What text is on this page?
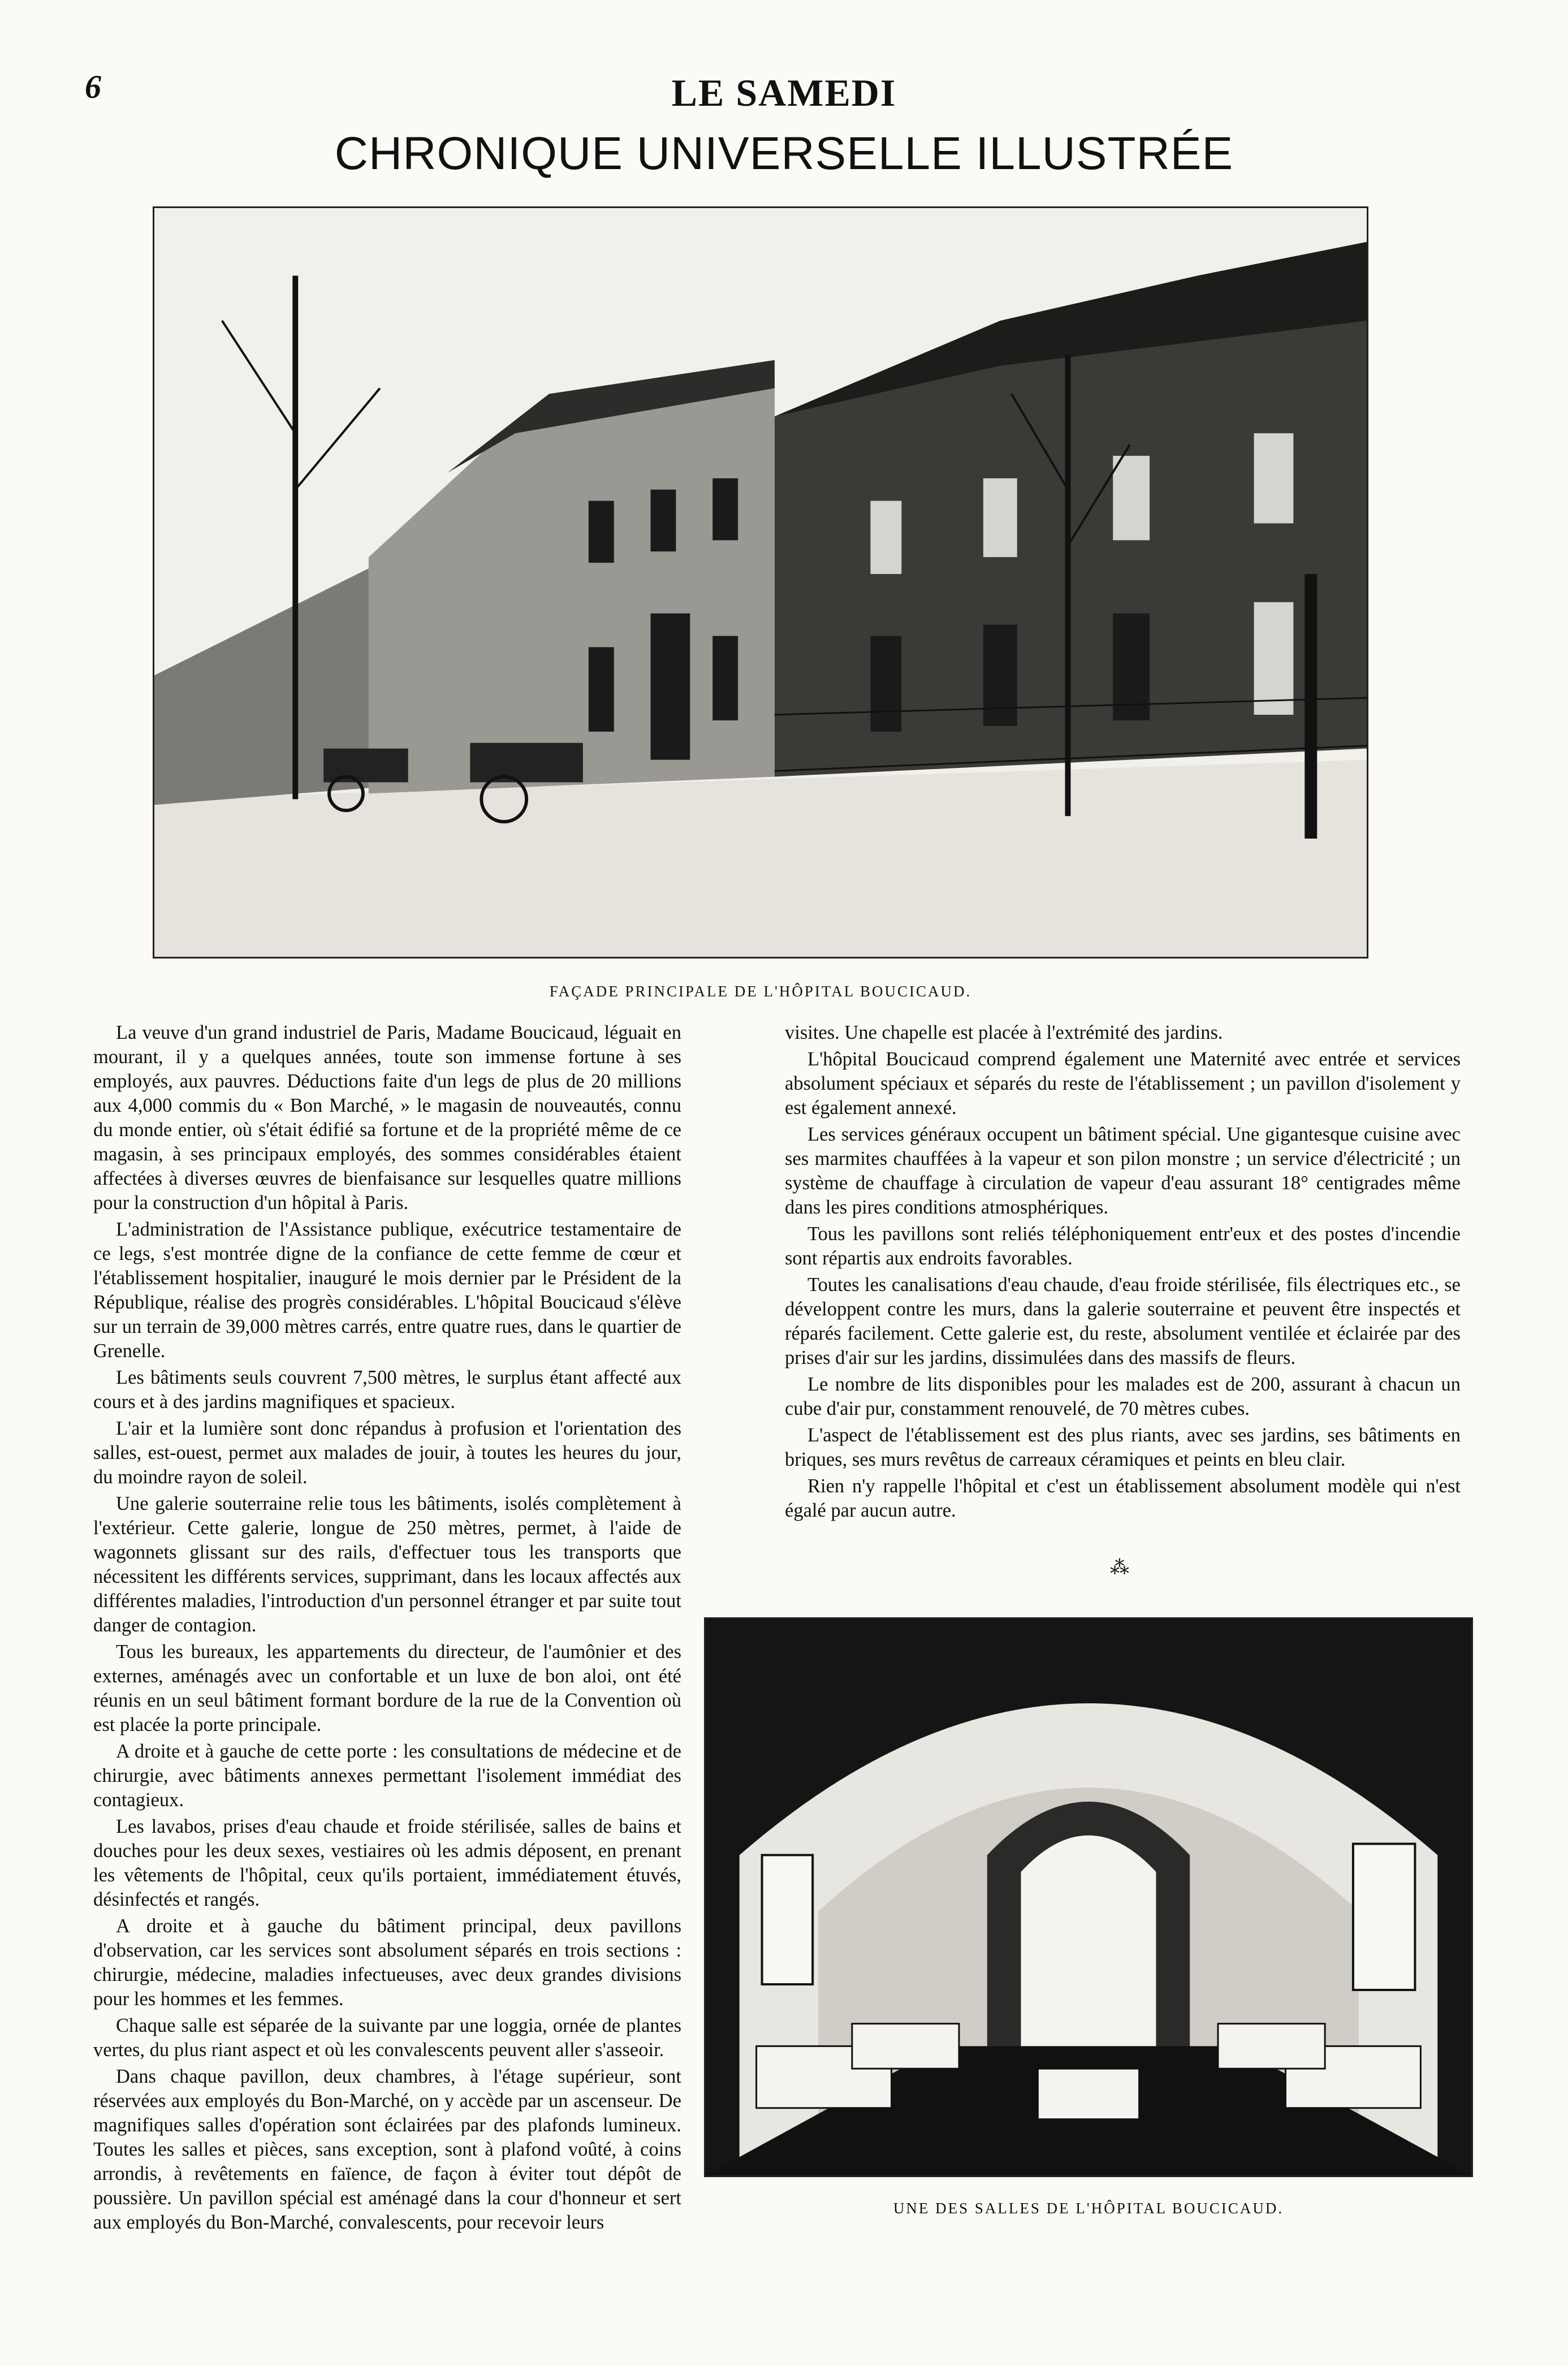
6	LE SAMEDI
CHRONIQUE UNIVERSELLE ILLUSTRÉE
FAÇADE PRINCIPALE DE L'HÔPITAL BOUCICAUD.
UNE DES SALLES DE L'HÔPITAL BOUCICAUD.

La veuve d'un grand industriel de Paris, Madame Boucicaud, léguait en mourant, il y a quelques années, toute son immense fortune à ses employés, aux pauvres. Déductions faite d'un legs de plus de 20 millions aux 4,000 commis du « Bon Marché, » le magasin de nouveautés, connu du monde entier, où s'était édifié sa fortune et de la propriété même de ce magasin, à ses principaux employés, des sommes considérables étaient affectées à diverses œuvres de bienfaisance sur lesquelles quatre millions pour la construction d'un hôpital à Paris.

L'administration de l'Assistance publique, exécutrice testamentaire de ce legs, s'est montrée digne de la confiance de cette femme de cœur et l'établissement hospitalier, inauguré le mois dernier par le Président de la République, réalise des progrès considérables. L'hôpital Boucicaud s'élève sur un terrain de 39,000 mètres carrés, entre quatre rues, dans le quartier de Grenelle.

Les bâtiments seuls couvrent 7,500 mètres, le surplus étant affecté aux cours et à des jardins magnifiques et spacieux.

L'air et la lumière sont donc répandus à profusion et l'orientation des salles, est-ouest, permet aux malades de jouir, à toutes les heures du jour, du moindre rayon de soleil.

Une galerie souterraine relie tous les bâtiments, isolés complètement à l'extérieur. Cette galerie, longue de 250 mètres, permet, à l'aide de wagonnets glissant sur des rails, d'effectuer tous les transports que nécessitent les différents services, supprimant, dans les locaux affectés aux différentes maladies, l'introduction d'un personnel étranger et par suite tout danger de contagion.

Tous les bureaux, les appartements du directeur, de l'aumônier et des externes, aménagés avec un confortable et un luxe de bon aloi, ont été réunis en un seul bâtiment formant bordure de la rue de la Convention où est placée la porte principale.

A droite et à gauche de cette porte : les consultations de médecine et de chirurgie, avec bâtiments annexes permettant l'isolement immédiat des contagieux.

Les lavabos, prises d'eau chaude et froide stérilisée, salles de bains et douches pour les deux sexes, vestiaires où les admis déposent, en prenant les vêtements de l'hôpital, ceux qu'ils portaient, immédiatement étuvés, désinfectés et rangés.

A droite et à gauche du bâtiment principal, deux pavillons d'observation, car les services sont absolument séparés en trois sections : chirurgie, médecine, maladies infectueuses, avec deux grandes divisions pour les hommes et les femmes.

Chaque salle est séparée de la suivante par une loggia, ornée de plantes vertes, du plus riant aspect et où les convalescents peuvent aller s'asseoir.

Dans chaque pavillon, deux chambres, à l'étage supérieur, sont réservées aux employés du Bon-Marché, on y accède par un ascenseur. De magnifiques salles d'opération sont éclairées par des plafonds lumineux. Toutes les salles et pièces, sans exception, sont à plafond voûté, à coins arrondis, à revêtements en faïence, de façon à éviter tout dépôt de poussière. Un pavillon spécial est aménagé dans la cour d'honneur et sert aux employés du Bon-Marché, convalescents, pour recevoir leurs

visites. Une chapelle est placée à l'extrémité des jardins.

L'hôpital Boucicaud comprend également une Maternité avec entrée et services absolument spéciaux et séparés du reste de l'établissement ; un pavillon d'isolement y est également annexé.

Les services généraux occupent un bâtiment spécial. Une gigantesque cuisine avec ses marmites chauffées à la vapeur et son pilon monstre ; un service d'électricité ; un système de chauffage à circulation de vapeur d'eau assurant 18° centigrades même dans les pires conditions atmosphériques.

Tous les pavillons sont reliés téléphoniquement entr'eux et des postes d'incendie sont répartis aux endroits favorables.

Toutes les canalisations d'eau chaude, d'eau froide stérilisée, fils électriques etc., se développent contre les murs, dans la galerie souterraine et peuvent être inspectés et réparés facilement. Cette galerie est, du reste, absolument ventilée et éclairée par des prises d'air sur les jardins, dissimulées dans des massifs de fleurs.

Le nombre de lits disponibles pour les malades est de 200, assurant à chacun un cube d'air pur, constamment renouvelé, de 70 mètres cubes.

L'aspect de l'établissement est des plus riants, avec ses jardins, ses bâtiments en briques, ses murs revêtus de carreaux céramiques et peints en bleu clair.

Rien n'y rappelle l'hôpital et c'est un établissement absolument modèle qui n'est égalé par aucun autre.

⁂
